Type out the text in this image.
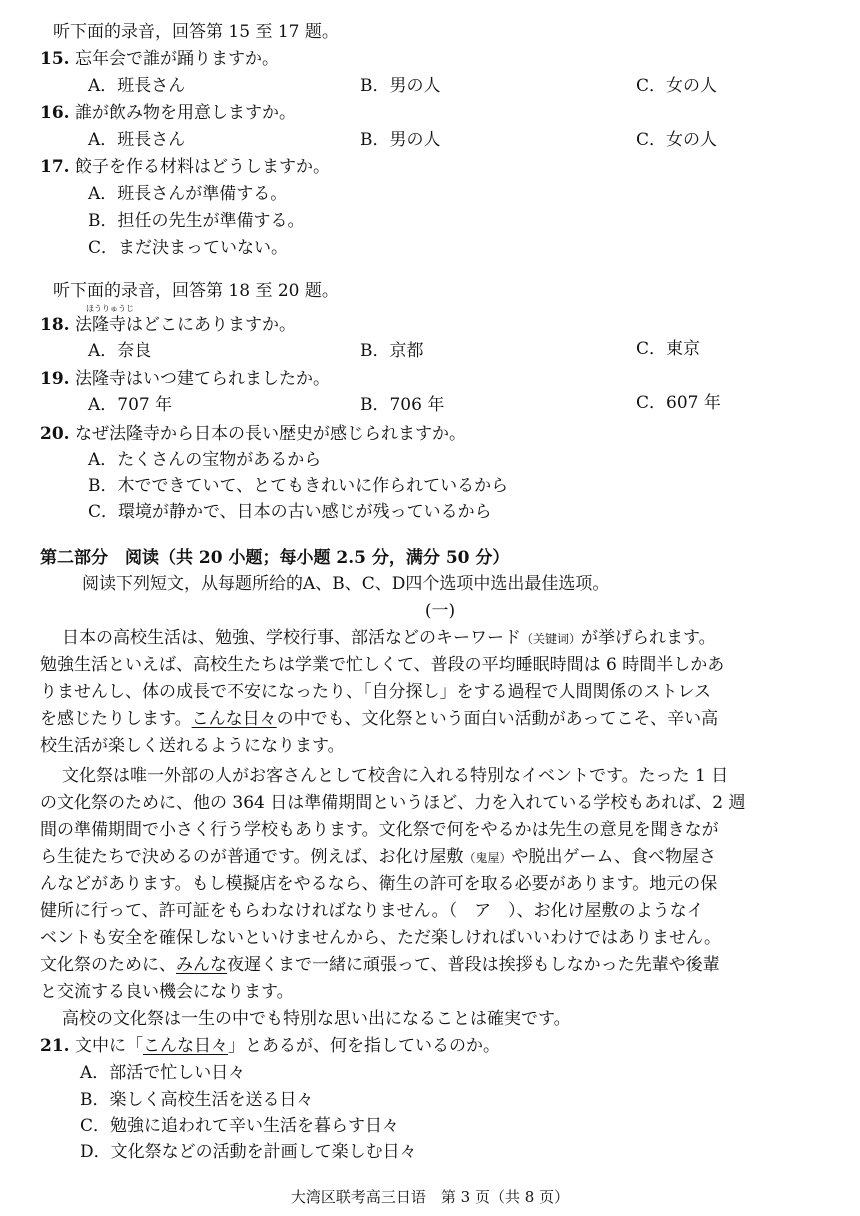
听下面的录音，回答第 15 至 17 题。
15. 忘年会で誰が踊りますか。
A．班長さん	B．男の人	C．女の人
16. 誰が飲み物を用意しますか。
A．班長さん	B．男の人	C．女の人
17. 餃子を作る材料はどうしますか。
A．班長さんが準備する。
B．担任の先生が準備する。
C．まだ決まっていない。
听下面的录音，回答第 18 至 20 题。
ほうりゅうじ
18. 法隆寺はどこにありますか。
A．奈良	B．京都	C．東京
19. 法隆寺はいつ建てられましたか。
A．707 年	B．706 年	C．607 年
20. なぜ法隆寺から日本の長い歴史が感じられますか。
A．たくさんの宝物があるから
B．木でできていて、とてもきれいに作られているから
C．環境が静かで、日本の古い感じが残っているから
第二部分　阅读（共 20 小题；每小题 2.5 分，满分 50 分）
阅读下列短文，从每题所给的A、B、C、D四个选项中选出最佳选项。
(一)
日本の高校生活は、勉強、学校行事、部活などのキーワード（关键词）が挙げられます。
勉強生活といえば、高校生たちは学業で忙しくて、普段の平均睡眠時間は 6 時間半しかあ
りませんし、体の成長で不安になったり、「自分探し」をする過程で人間関係のストレス
を感じたりします。こんな日々の中でも、文化祭という面白い活動があってこそ、辛い高
校生活が楽しく送れるようになります。
文化祭は唯一外部の人がお客さんとして校舎に入れる特別なイベントです。たった 1 日
の文化祭のために、他の 364 日は準備期間というほど、力を入れている学校もあれば、2 週
間の準備期間で小さく行う学校もあります。文化祭で何をやるかは先生の意見を聞きなが
ら生徒たちで決めるのが普通です。例えば、お化け屋敷（鬼屋）や脱出ゲーム、食べ物屋さ
んなどがあります。もし模擬店をやるなら、衛生の許可を取る必要があります。地元の保
健所に行って、許可証をもらわなければなりません。（　ア　）、お化け屋敷のようなイ
ベントも安全を確保しないといけませんから、ただ楽しければいいわけではありません。
文化祭のために、みんな夜遅くまで一緒に頑張って、普段は挨拶もしなかった先輩や後輩
と交流する良い機会になります。
高校の文化祭は一生の中でも特別な思い出になることは確実です。
21. 文中に「こんな日々」とあるが、何を指しているのか。
A．部活で忙しい日々
B．楽しく高校生活を送る日々
C．勉強に追われて辛い生活を暮らす日々
D．文化祭などの活動を計画して楽しむ日々
大湾区联考高三日语　第 3 页（共 8 页）
